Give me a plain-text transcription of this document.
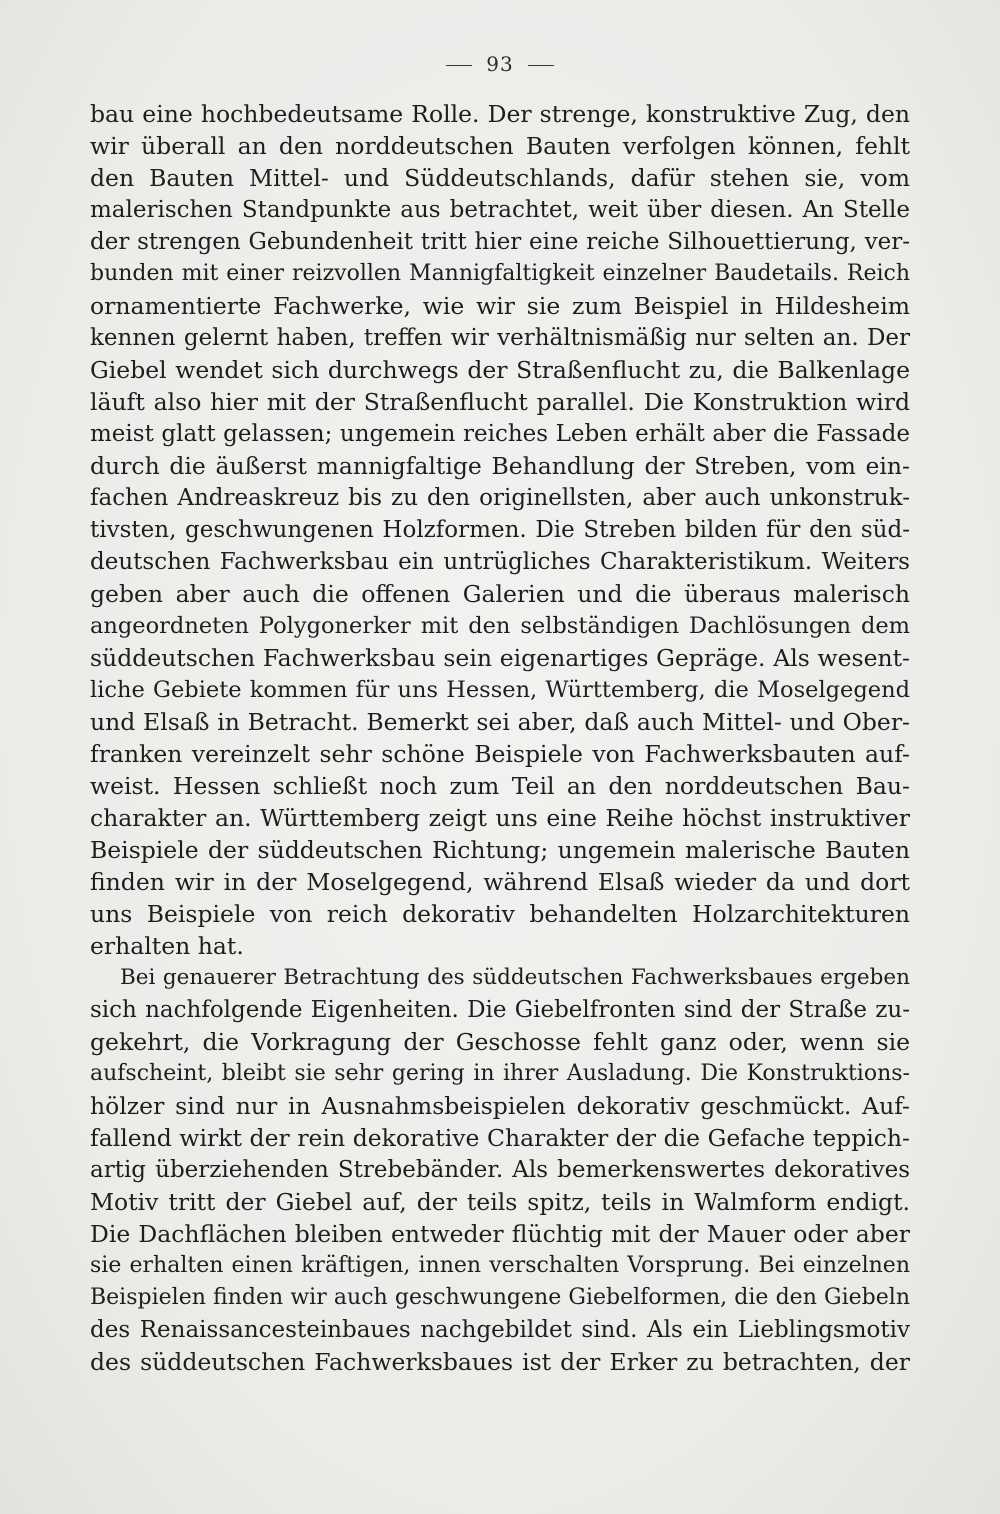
93
bau eine hochbedeutsame Rolle. Der strenge, konstruktive Zug, den
wir überall an den norddeutschen Bauten verfolgen können, fehlt
den Bauten Mittel- und Süddeutschlands, dafür stehen sie, vom
malerischen Standpunkte aus betrachtet, weit über diesen. An Stelle
der strengen Gebundenheit tritt hier eine reiche Silhouettierung, ver-
bunden mit einer reizvollen Mannigfaltigkeit einzelner Baudetails. Reich
ornamentierte Fachwerke, wie wir sie zum Beispiel in Hildesheim
kennen gelernt haben, treffen wir verhältnismäßig nur selten an. Der
Giebel wendet sich durchwegs der Straßenflucht zu, die Balkenlage
läuft also hier mit der Straßenflucht parallel. Die Konstruktion wird
meist glatt gelassen; ungemein reiches Leben erhält aber die Fassade
durch die äußerst mannigfaltige Behandlung der Streben, vom ein-
fachen Andreaskreuz bis zu den originellsten, aber auch unkonstruk-
tivsten, geschwungenen Holzformen. Die Streben bilden für den süd-
deutschen Fachwerksbau ein untrügliches Charakteristikum. Weiters
geben aber auch die offenen Galerien und die überaus malerisch
angeordneten Polygonerker mit den selbständigen Dachlösungen dem
süddeutschen Fachwerksbau sein eigenartiges Gepräge. Als wesent-
liche Gebiete kommen für uns Hessen, Württemberg, die Moselgegend
und Elsaß in Betracht. Bemerkt sei aber, daß auch Mittel- und Ober-
franken vereinzelt sehr schöne Beispiele von Fachwerksbauten auf-
weist. Hessen schließt noch zum Teil an den norddeutschen Bau-
charakter an. Württemberg zeigt uns eine Reihe höchst instruktiver
Beispiele der süddeutschen Richtung; ungemein malerische Bauten
finden wir in der Moselgegend, während Elsaß wieder da und dort
uns Beispiele von reich dekorativ behandelten Holzarchitekturen
erhalten hat.
Bei genauerer Betrachtung des süddeutschen Fachwerksbaues ergeben
sich nachfolgende Eigenheiten. Die Giebelfronten sind der Straße zu-
gekehrt, die Vorkragung der Geschosse fehlt ganz oder, wenn sie
aufscheint, bleibt sie sehr gering in ihrer Ausladung. Die Konstruktions-
hölzer sind nur in Ausnahmsbeispielen dekorativ geschmückt. Auf-
fallend wirkt der rein dekorative Charakter der die Gefache teppich-
artig überziehenden Strebebänder. Als bemerkenswertes dekoratives
Motiv tritt der Giebel auf, der teils spitz, teils in Walmform endigt.
Die Dachflächen bleiben entweder flüchtig mit der Mauer oder aber
sie erhalten einen kräftigen, innen verschalten Vorsprung. Bei einzelnen
Beispielen finden wir auch geschwungene Giebelformen, die den Giebeln
des Renaissancesteinbaues nachgebildet sind. Als ein Lieblingsmotiv
des süddeutschen Fachwerksbaues ist der Erker zu betrachten, der
